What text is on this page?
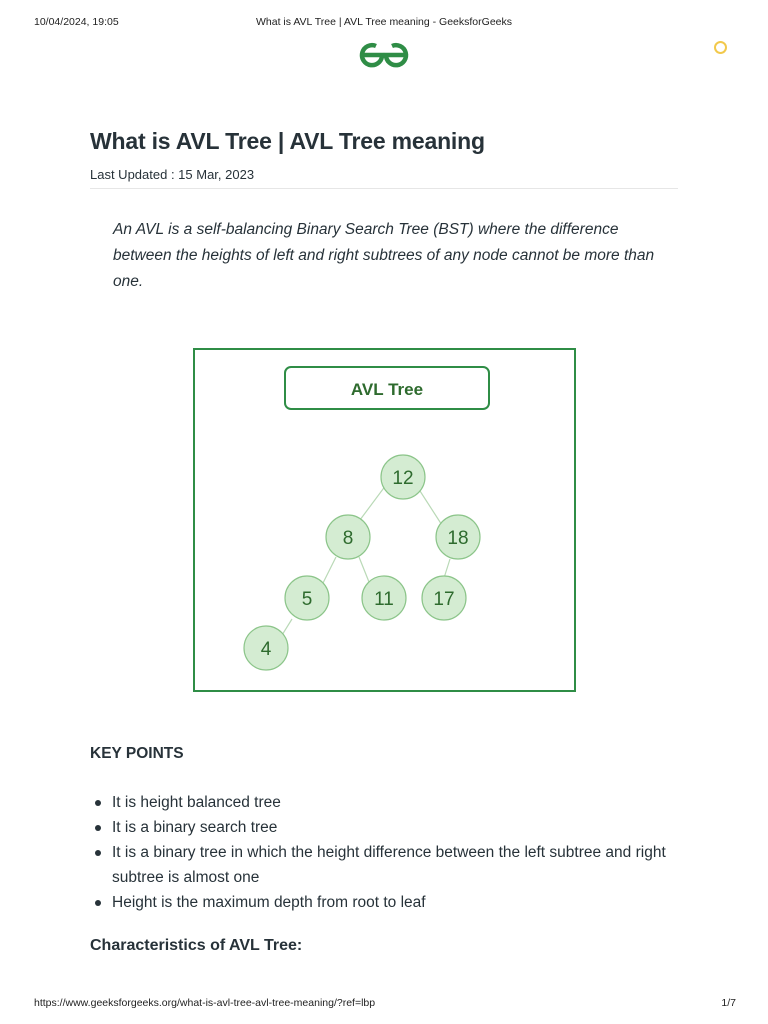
10/04/2024, 19:05	What is AVL Tree | AVL Tree meaning - GeeksforGeeks
What is AVL Tree | AVL Tree meaning
Last Updated : 15 Mar, 2023

An AVL is a self-balancing Binary Search Tree (BST) where the difference between the heights of left and right subtrees of any node cannot be more than one.

AVL Tree
12
8	18
5	11 17
4
KEY POINTS
It is height balanced tree
It is a binary search tree
It is a binary tree in which the height difference between the left subtree and right subtree is almost one
Height is the maximum depth from root to leaf
Characteristics of AVL Tree:
https://www.geeksforgeeks.org/what-is-avl-tree-avl-tree-meaning/?ref=lbp	1/7
